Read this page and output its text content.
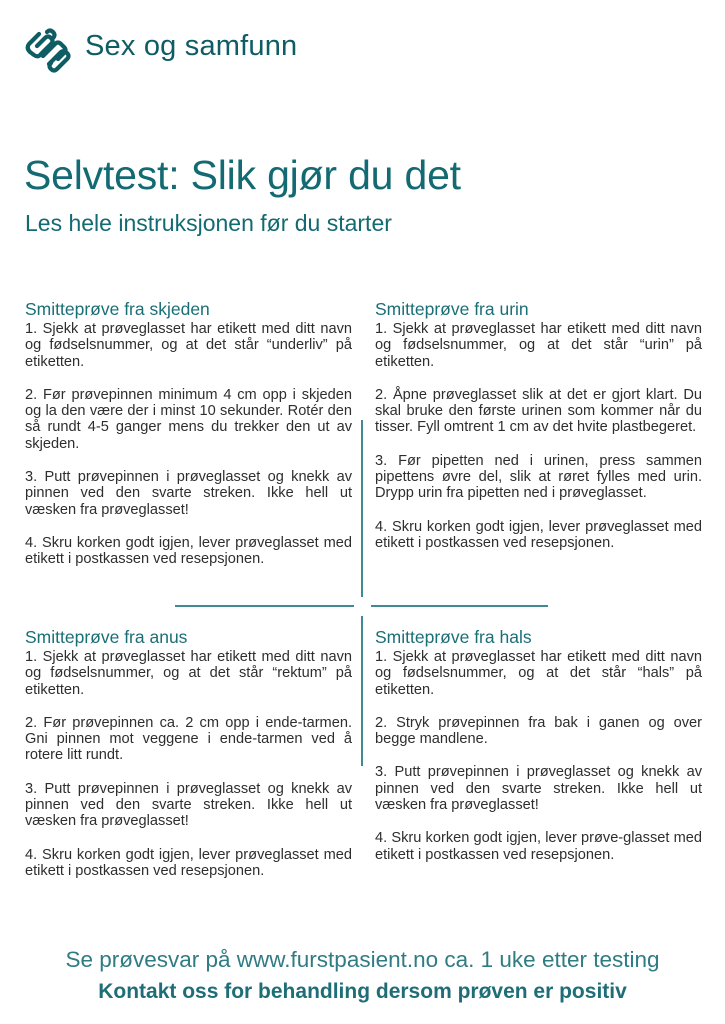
Sex og samfunn
Selvtest: Slik gjør du det
Les hele instruksjonen før du starter
Smitteprøve fra skjeden

1. Sjekk at prøveglasset har etikett med ditt navn og fødselsnummer, og at det står “underliv” på etiketten.

2. Før prøvepinnen minimum 4 cm opp i skjeden og la den være der i minst 10 sekunder. Rotér den så rundt 4-5 ganger mens du trekker den ut av skjeden.

3. Putt prøvepinnen i prøveglasset og knekk av pinnen ved den svarte streken. Ikke hell ut væsken fra prøveglasset!

4. Skru korken godt igjen, lever prøveglasset med etikett i postkassen ved resepsjonen.

Smitteprøve fra urin

1. Sjekk at prøveglasset har etikett med ditt navn og fødselsnummer, og at det står “urin” på etiketten.

2. Åpne prøveglasset slik at det er gjort klart. Du skal bruke den første urinen som kommer når du tisser. Fyll omtrent 1 cm av det hvite plastbegeret.

3. Før pipetten ned i urinen, press sammen pipettens øvre del, slik at røret fylles med urin. Drypp urin fra pipetten ned i prøveglasset.

4. Skru korken godt igjen, lever prøveglasset med etikett i postkassen ved resepsjonen.

Smitteprøve fra anus

1. Sjekk at prøveglasset har etikett med ditt navn og fødselsnummer, og at det står “rektum” på etiketten.

2. Før prøvepinnen ca. 2 cm opp i ende-tarmen. Gni pinnen mot veggene i ende-tarmen ved å rotere litt rundt.

3. Putt prøvepinnen i prøveglasset og knekk av pinnen ved den svarte streken. Ikke hell ut væsken fra prøveglasset!

4. Skru korken godt igjen, lever prøveglasset med etikett i postkassen ved resepsjonen.

Smitteprøve fra hals

1. Sjekk at prøveglasset har etikett med ditt navn og fødselsnummer, og at det står “hals” på etiketten.

2. Stryk prøvepinnen fra bak i ganen og over begge mandlene.

3. Putt prøvepinnen i prøveglasset og knekk av pinnen ved den svarte streken. Ikke hell ut væsken fra prøveglasset!

4. Skru korken godt igjen, lever prøve-glasset med etikett i postkassen ved resepsjonen.

Se prøvesvar på www.furstpasient.no ca. 1 uke etter testing
Kontakt oss for behandling dersom prøven er positiv
